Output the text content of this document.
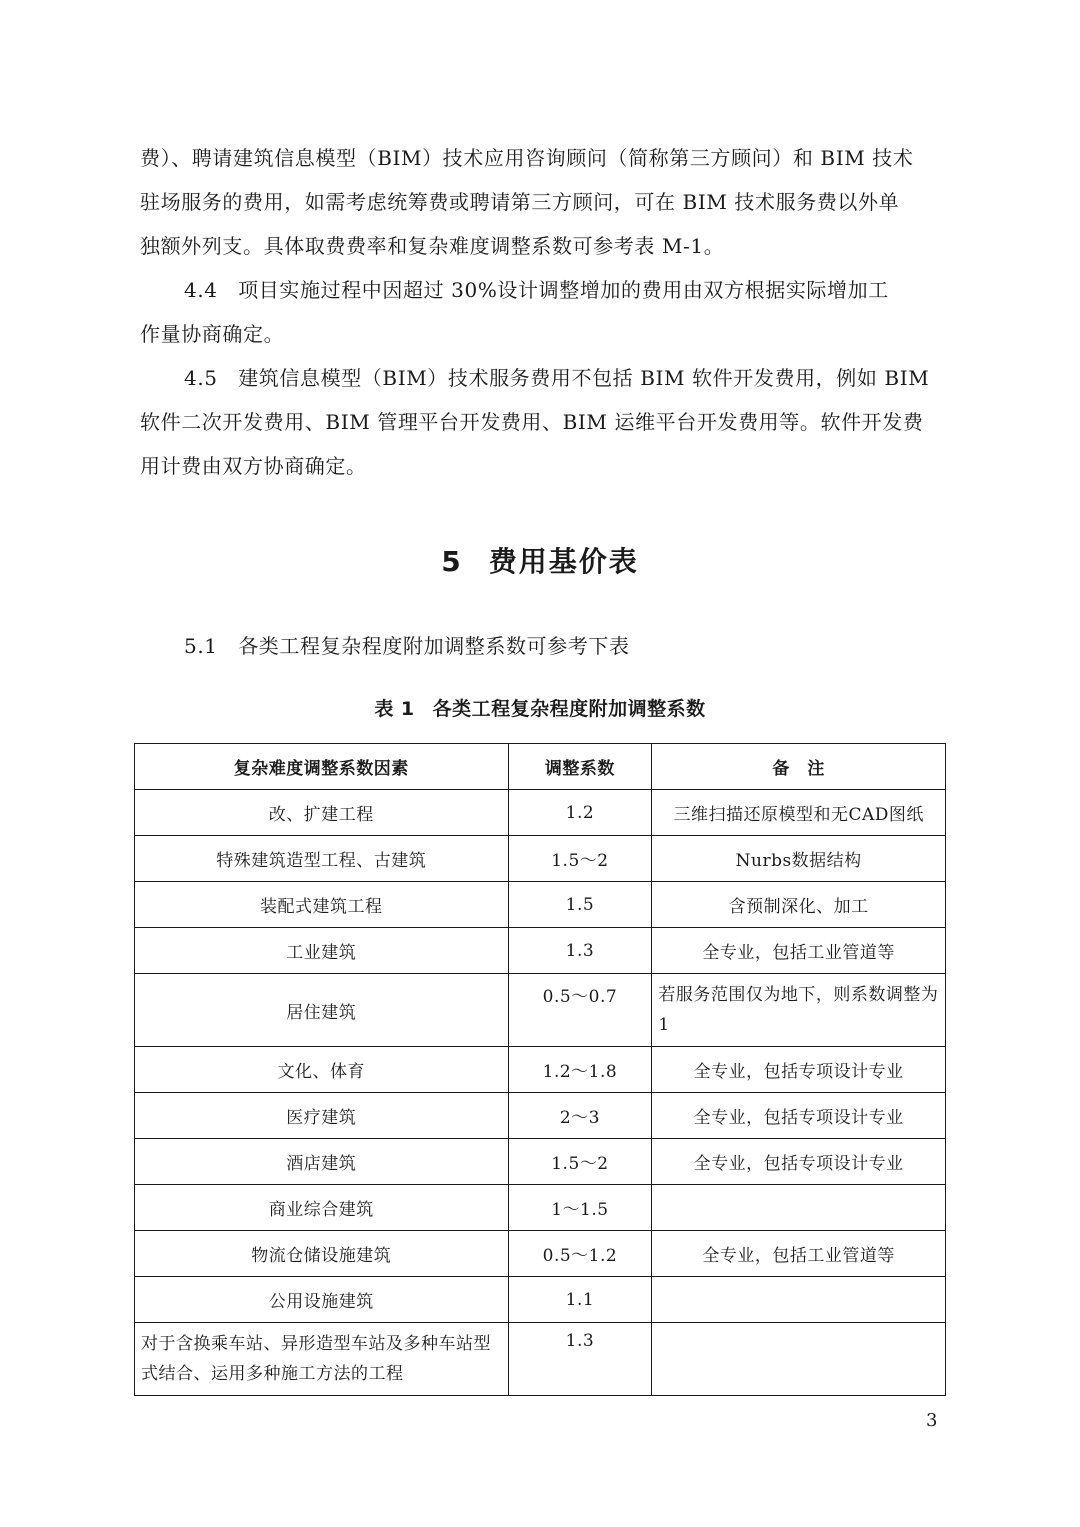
费）、聘请建筑信息模型（BIM）技术应用咨询顾问（简称第三方顾问）和 BIM 技术
驻场服务的费用，如需考虑统筹费或聘请第三方顾问，可在 BIM 技术服务费以外单
独额外列支。具体取费费率和复杂难度调整系数可参考表 M-1。
4.4　项目实施过程中因超过 30%设计调整增加的费用由双方根据实际增加工
作量协商确定。
4.5　建筑信息模型（BIM）技术服务费用不包括 BIM 软件开发费用，例如 BIM
软件二次开发费用、BIM 管理平台开发费用、BIM 运维平台开发费用等。软件开发费
用计费由双方协商确定。
5 费用基价表
5.1　各类工程复杂程度附加调整系数可参考下表
表 1 各类工程复杂程度附加调整系数
复杂难度调整系数因素	调整系数	备　注
改、扩建工程	1.2	三维扫描还原模型和无CAD图纸
特殊建筑造型工程、古建筑	1.5～2	Nurbs数据结构
装配式建筑工程	1.5	含预制深化、加工
工业建筑	1.3	全专业，包括工业管道等
居住建筑	0.5～0.7	若服务范围仅为地下，则系数调整为1
文化、体育	1.2～1.8	全专业，包括专项设计专业
医疗建筑	2～3	全专业，包括专项设计专业
酒店建筑	1.5～2	全专业，包括专项设计专业
商业综合建筑	1～1.5	
物流仓储设施建筑	0.5～1.2	全专业，包括工业管道等
公用设施建筑	1.1	
对于含换乘车站、异形造型车站及多种车站型式结合、运用多种施工方法的工程	1.3	
3
